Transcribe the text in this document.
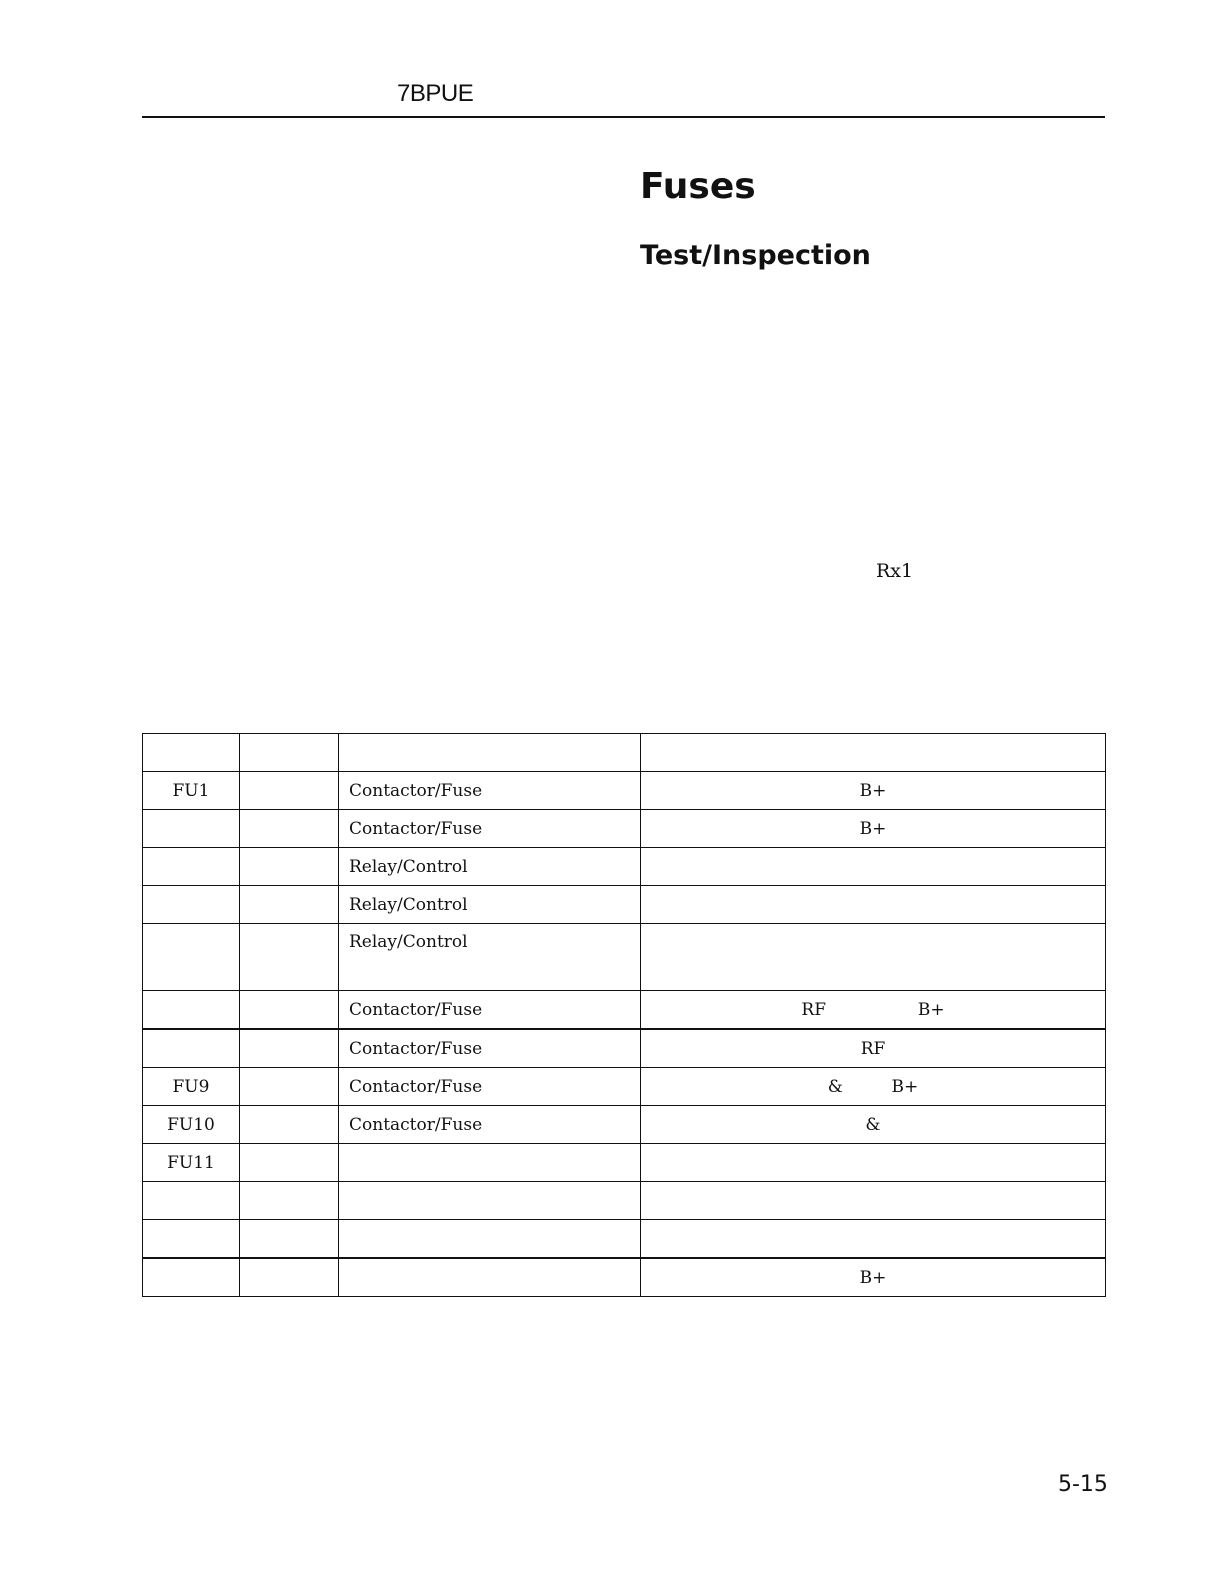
7BPUE
Fuses
Test/Inspection
Rx1

FU1		Contactor/Fuse	B+
		Contactor/Fuse	B+
		Relay/Control	
		Relay/Control	
		Relay/Control	
		Contactor/Fuse	RF                 B+
		Contactor/Fuse	RF
FU9		Contactor/Fuse	&         B+
FU10		Contactor/Fuse	&
FU11			

			B+
5-15
